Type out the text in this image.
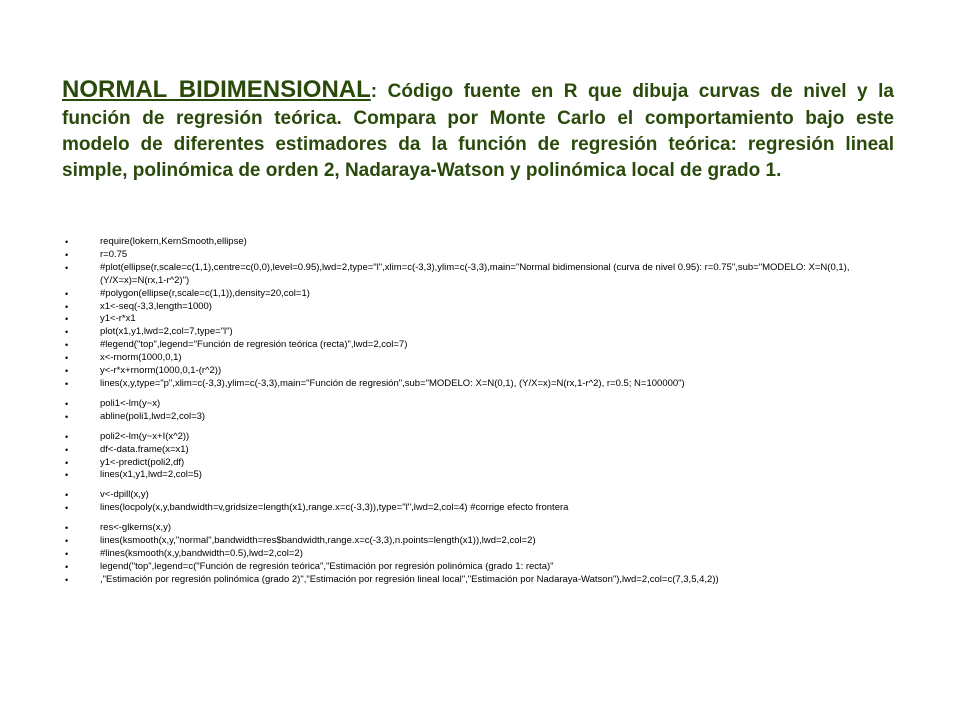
NORMAL BIDIMENSIONAL: Código fuente en R que dibuja curvas de nivel y la función de regresión teórica. Compara por Monte Carlo el comportamiento bajo este modelo de diferentes estimadores da la función de regresión teórica: regresión lineal simple, polinómica de orden 2, Nadaraya-Watson y polinómica local de grado 1.

• require(lokern,KernSmooth,ellipse)
• r=0.75
• #plot(ellipse(r,scale=c(1,1),centre=c(0,0),level=0.95),lwd=2,type="l",xlim=c(-3,3),ylim=c(-3,3),main="Normal bidimensional (curva de nivel 0.95): r=0.75",sub="MODELO: X=N(0,1), (Y/X=x)=N(rx,1-r^2)")
• #polygon(ellipse(r,scale=c(1,1)),density=20,col=1)
• x1<-seq(-3,3,length=1000)
• y1<-r*x1
• plot(x1,y1,lwd=2,col=7,type="l")
• #legend("top",legend="Función de regresión teórica (recta)",lwd=2,col=7)
• x<-rnorm(1000,0,1)
• y<-r*x+rnorm(1000,0,1-(r^2))
• lines(x,y,type="p",xlim=c(-3,3),ylim=c(-3,3),main="Función de regresión",sub="MODELO: X=N(0,1), (Y/X=x)=N(rx,1-r^2), r=0.5; N=100000")
• poli1<-lm(y~x)
• abline(poli1,lwd=2,col=3)
• poli2<-lm(y~x+I(x^2))
• df<-data.frame(x=x1)
• y1<-predict(poli2,df)
• lines(x1,y1,lwd=2,col=5)
• v<-dpill(x,y)
• lines(locpoly(x,y,bandwidth=v,gridsize=length(x1),range.x=c(-3,3)),type="l",lwd=2,col=4) #corrige efecto frontera
• res<-glkerns(x,y)
• lines(ksmooth(x,y,"normal",bandwidth=res$bandwidth,range.x=c(-3,3),n.points=length(x1)),lwd=2,col=2)
• #lines(ksmooth(x,y,bandwidth=0.5),lwd=2,col=2)
• legend("top",legend=c("Función de regresión teórica","Estimación por regresión polinómica (grado 1: recta)"
• ,"Estimación por regresión polinómica (grado 2)","Estimación por regresión lineal local","Estimación por Nadaraya-Watson"),lwd=2,col=c(7,3,5,4,2))
